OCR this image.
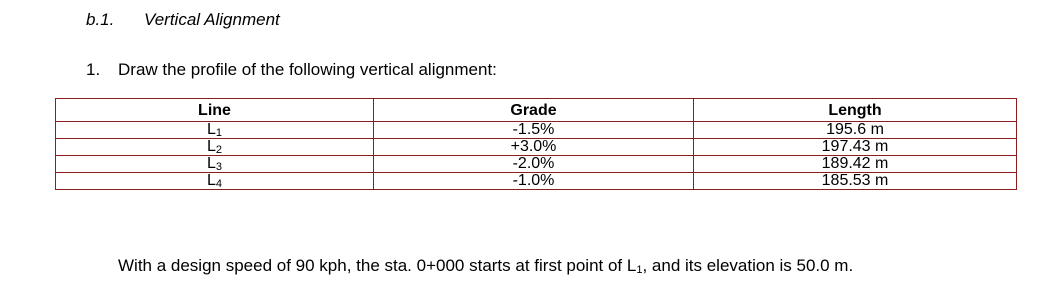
b.1. Vertical Alignment
1. Draw the profile of the following vertical alignment:
Line	Grade	Length
$L_1$	-1.5%	195.6 m
$L_2$	+3.0%	197.43 m
$L_3$	-2.0%	189.42 m
$L_4$	-1.0%	185.53 m
With a design speed of 90 kph, the sta. 0+000 starts at first point of $L_1$, and its elevation is 50.0 m.
